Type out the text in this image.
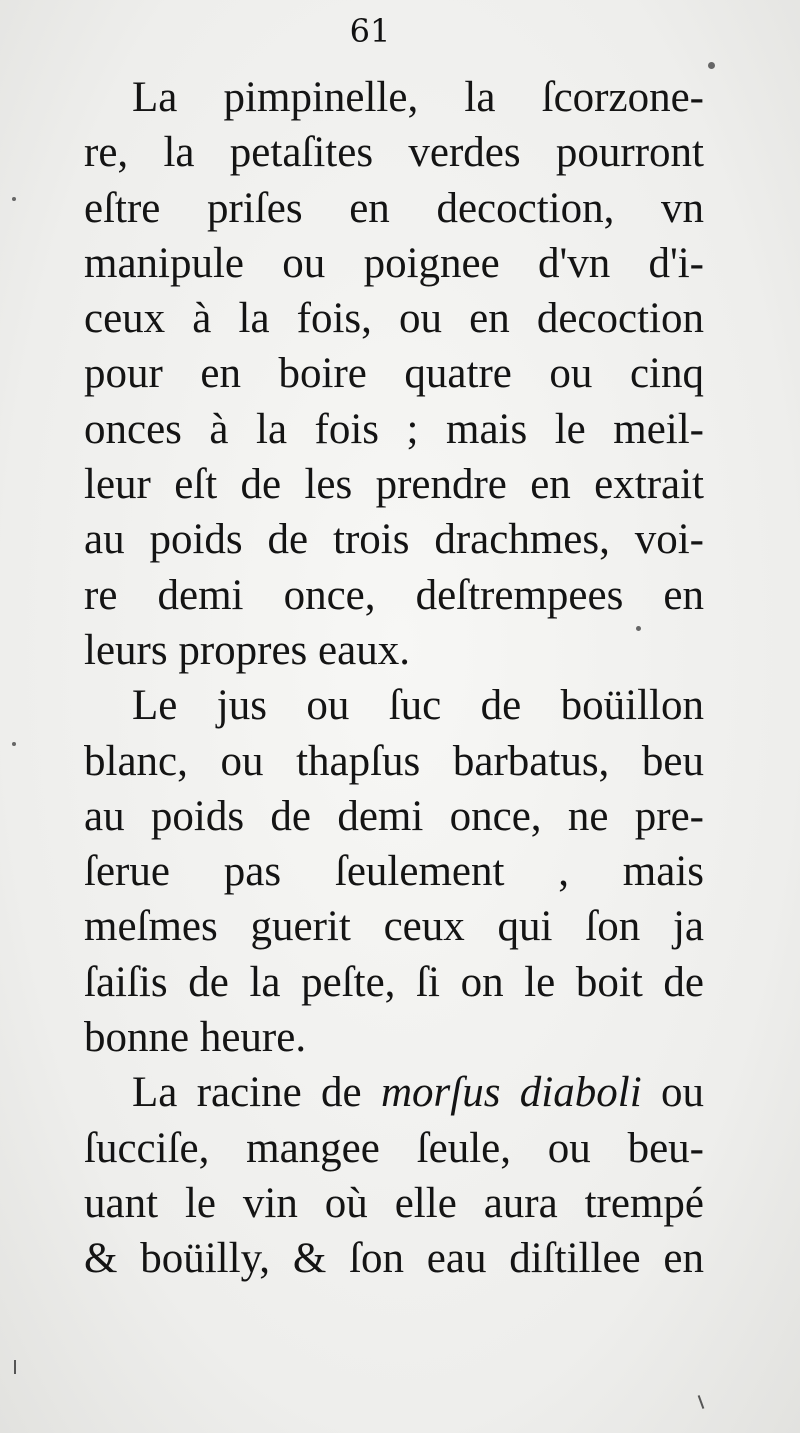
61
La pimpinelle, la ſcorzone-
re, la petaſites verdes pourront
eſtre priſes en decoction, vn
manipule ou poignee d'vn d'i-
ceux à la fois, ou en decoction
pour en boire quatre ou cinq
onces à la fois ; mais le meil-
leur eſt de les prendre en extrait
au poids de trois drachmes, voi-
re demi once, deſtrempees en
leurs propres eaux.
Le jus ou ſuc de boüillon
blanc, ou thapſus barbatus, beu
au poids de demi once, ne pre-
ſerue pas ſeulement , mais
meſmes guerit ceux qui ſon ja
ſaiſis de la peſte, ſi on le boit de
bonne heure.
La racine de morſus diaboli ou
ſucciſe, mangee ſeule, ou beu-
uant le vin où elle aura trempé
& boüilly, & ſon eau diſtillee en
